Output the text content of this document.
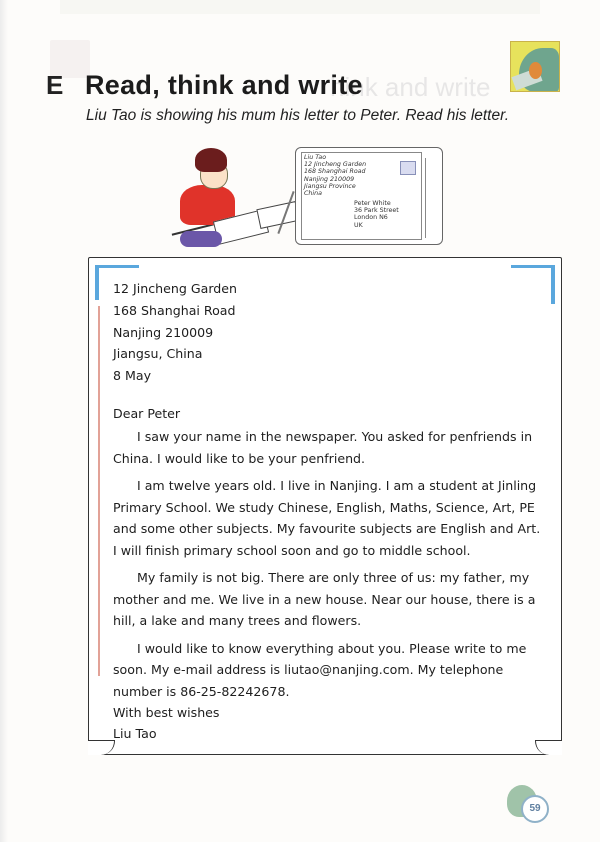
hink and write
E Read, think and write
Liu Tao is showing his mum his letter to Peter. Read his letter.
Liu Tao
12 Jincheng Garden
168 Shanghai Road
Nanjing 210009
Jiangsu Province
China
Peter White
36 Park Street
London N6
UK
12 Jincheng Garden
168 Shanghai Road
Nanjing 210009
Jiangsu, China
8 May
Dear Peter

I saw your name in the newspaper. You asked for penfriends in China. I would like to be your penfriend.

I am twelve years old. I live in Nanjing. I am a student at Jinling Primary School. We study Chinese, English, Maths, Science, Art, PE and some other subjects. My favourite subjects are English and Art. I will finish primary school soon and go to middle school.

My family is not big. There are only three of us: my father, my mother and me. We live in a new house. Near our house, there is a hill, a lake and many trees and flowers.

I would like to know everything about you. Please write to me soon. My e-mail address is liutao@nanjing.com. My telephone number is 86-25-82242678.

With best wishes
Liu Tao
59
